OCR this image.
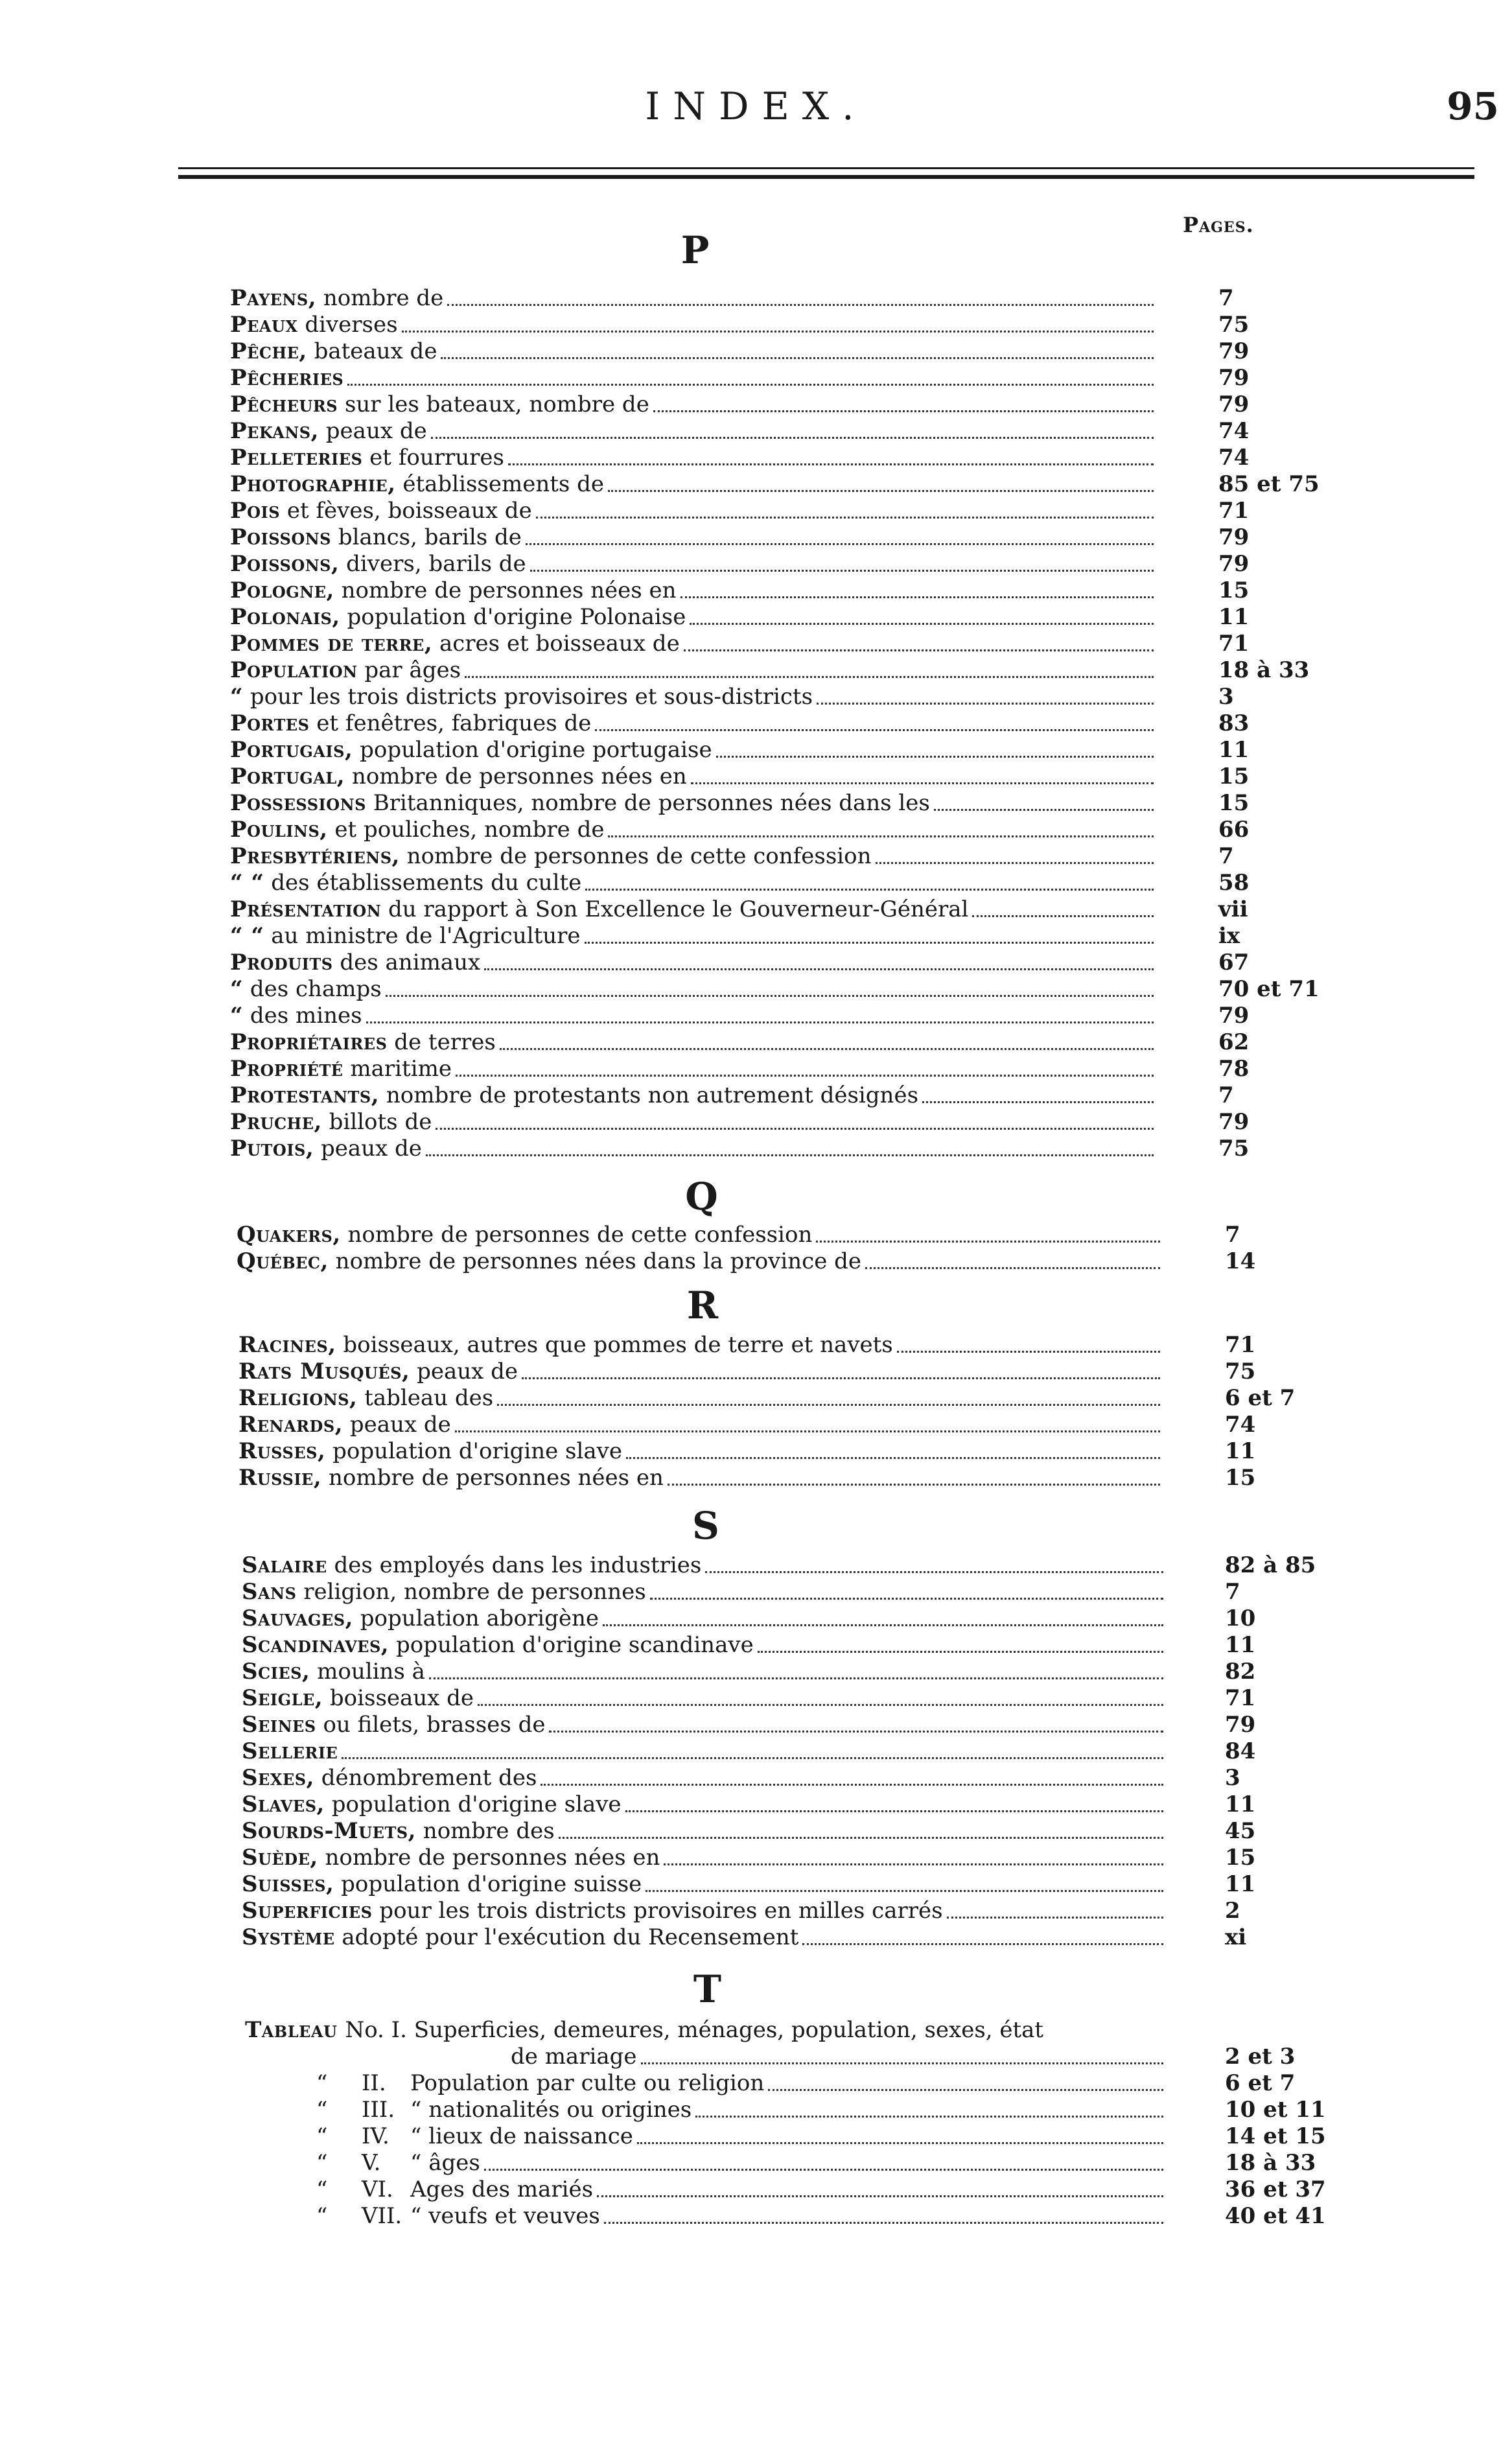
INDEX.	95
Pages.
P
Payens, nombre de	7
Peaux diverses	75
Pêche, bateaux de	79
Pêcheries	79
Pêcheurs sur les bateaux, nombre de	79
Pekans, peaux de	74
Pelleteries et fourrures	74
Photographie, établissements de	85 et 75
Pois et fèves, boisseaux de	71
Poissons blancs, barils de	79
Poissons, divers, barils de	79
Pologne, nombre de personnes nées en	15
Polonais, population d'origine Polonaise	11
Pommes de terre, acres et boisseaux de	71
Population par âges	18 à 33
“ pour les trois districts provisoires et sous-districts	3
Portes et fenêtres, fabriques de	83
Portugais, population d'origine portugaise	11
Portugal, nombre de personnes nées en	15
Possessions Britanniques, nombre de personnes nées dans les	15
Poulins, et pouliches, nombre de	66
Presbytériens, nombre de personnes de cette confession	7
“ “ des établissements du culte	58
Présentation du rapport à Son Excellence le Gouverneur-Général	vii
“ “ au ministre de l'Agriculture	ix
Produits des animaux	67
“ des champs	70 et 71
“ des mines	79
Propriétaires de terres	62
Propriété maritime	78
Protestants, nombre de protestants non autrement désignés	7
Pruche, billots de	79
Putois, peaux de	75
Q
Quakers, nombre de personnes de cette confession	7
Québec, nombre de personnes nées dans la province de	14
R
Racines, boisseaux, autres que pommes de terre et navets	71
Rats Musqués, peaux de	75
Religions, tableau des	6 et 7
Renards, peaux de	74
Russes, population d'origine slave	11
Russie, nombre de personnes nées en	15
S
Salaire des employés dans les industries	82 à 85
Sans religion, nombre de personnes	7
Sauvages, population aborigène	10
Scandinaves, population d'origine scandinave	11
Scies, moulins à	82
Seigle, boisseaux de	71
Seines ou filets, brasses de	79
Sellerie	84
Sexes, dénombrement des	3
Slaves, population d'origine slave	11
Sourds-Muets, nombre des	45
Suède, nombre de personnes nées en	15
Suisses, population d'origine suisse	11
Superficies pour les trois districts provisoires en milles carrés	2
Système adopté pour l'exécution du Recensement	xi
T
Tableau No. I. Superficies, demeures, ménages, population, sexes, état
de mariage	2 et 3
“	II.	Population par culte ou religion	6 et 7
“	III. “ nationalités ou origines	10 et 11
“	IV. “ lieux de naissance	14 et 15
“	V.	“ âges	18 à 33
“	VI. Ages des mariés	36 et 37
“	VII. “ veufs et veuves	40 et 41
